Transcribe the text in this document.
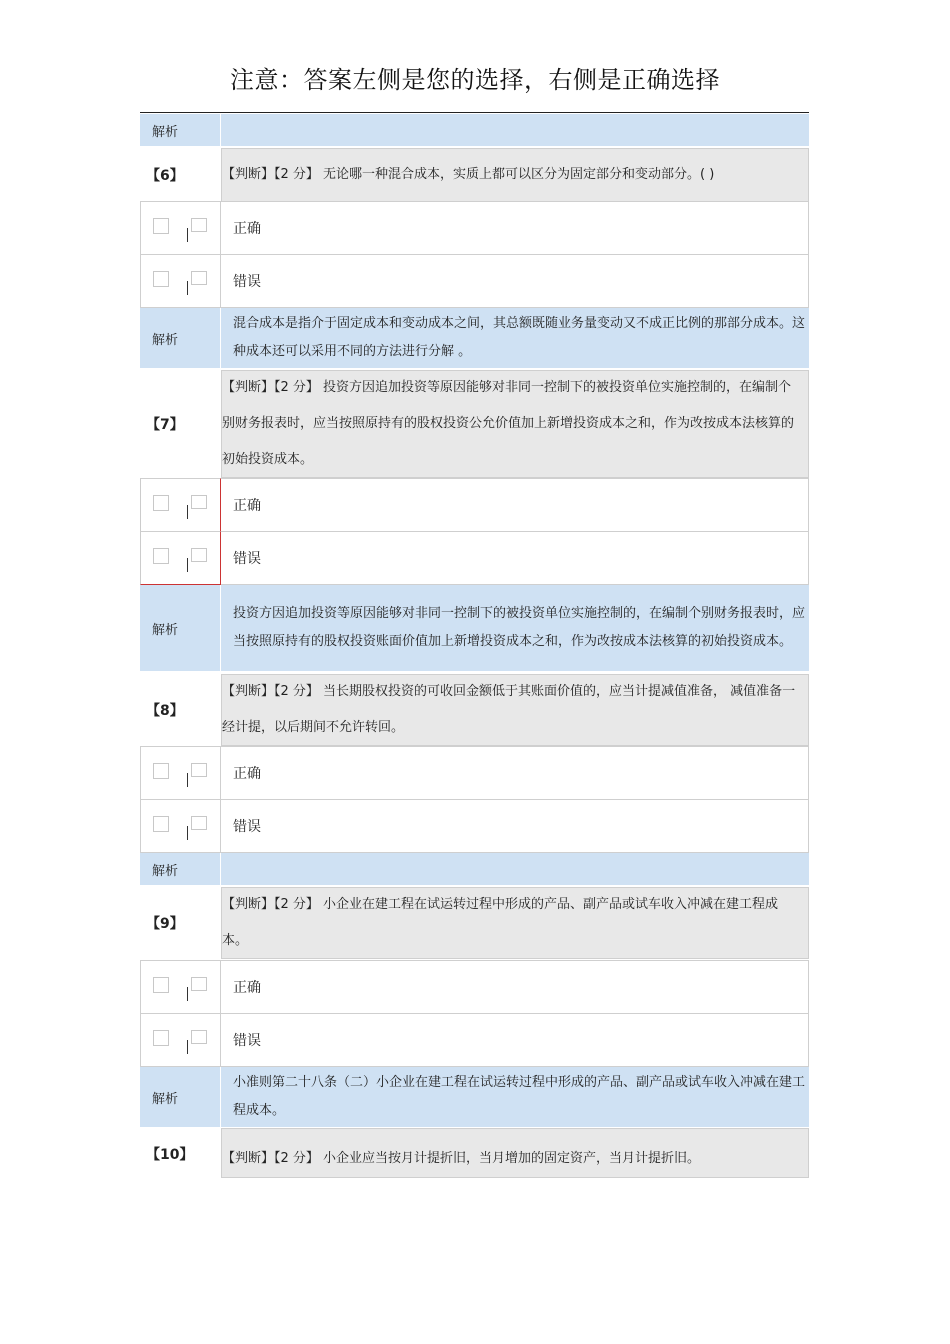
注意：答案左侧是您的选择，右侧是正确选择
解析
【6】	【判断】【2 分】 无论哪一种混合成本，实质上都可以区分为固定部分和变动部分。( )
正确
错误
解析
混合成本是指介于固定成本和变动成本之间，其总额既随业务量变动又不成正比例的那部分成本。这种成本还可以采用不同的方法进行分解 。
【7】
【判断】【2 分】 投资方因追加投资等原因能够对非同一控制下的被投资单位实施控制的，在编制个别财务报表时，应当按照原持有的股权投资公允价值加上新增投资成本之和，作为改按成本法核算的初始投资成本。
正确
错误
解析
投资方因追加投资等原因能够对非同一控制下的被投资单位实施控制的，在编制个别财务报表时，应当按照原持有的股权投资账面价值加上新增投资成本之和，作为改按成本法核算的初始投资成本。
【8】
【判断】【2 分】 当长期股权投资的可收回金额低于其账面价值的，应当计提减值准备， 减值准备一经计提，以后期间不允许转回。
正确
错误
解析
【9】
【判断】【2 分】 小企业在建工程在试运转过程中形成的产品、副产品或试车收入冲减在建工程成本。
正确
错误
解析
小准则第二十八条（二）小企业在建工程在试运转过程中形成的产品、副产品或试车收入冲减在建工程成本。
【10】	【判断】【2 分】 小企业应当按月计提折旧，当月增加的固定资产，当月计提折旧。
